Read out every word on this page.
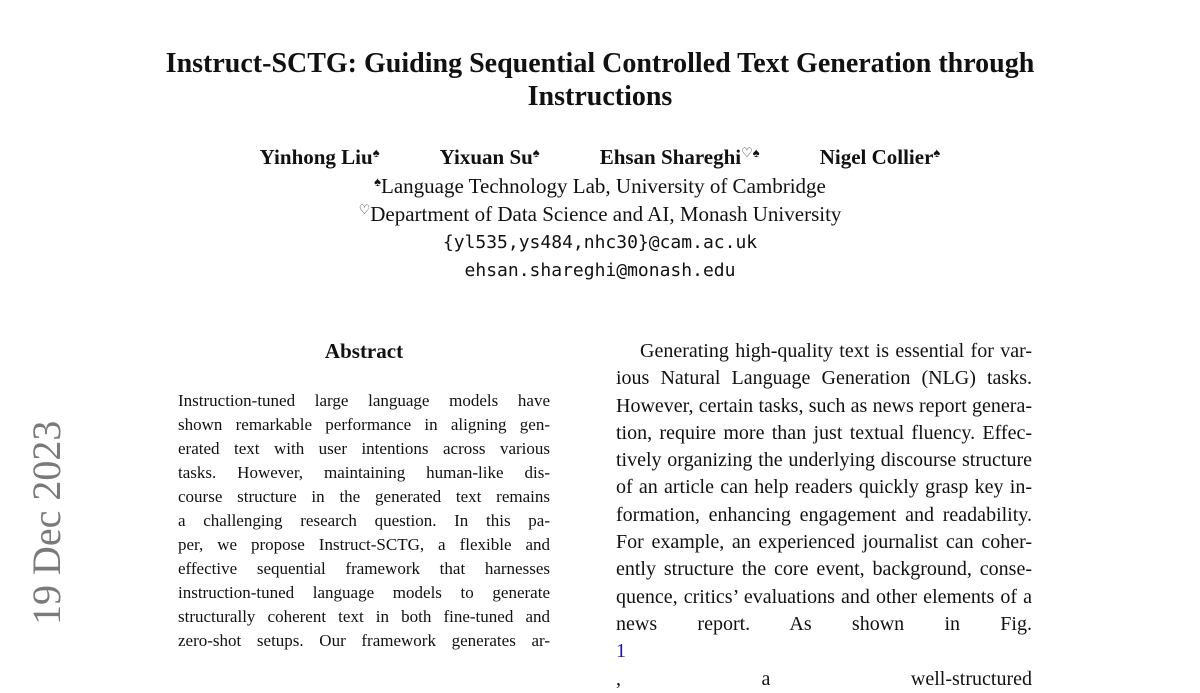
Instruct-SCTG: Guiding Sequential Controlled Text Generation through
Instructions
Yinhong Liu♠	Yixuan Su♠	Ehsan Shareghi♡♠	Nigel Collier♠
♠Language Technology Lab, University of Cambridge
♡Department of Data Science and AI, Monash University
{yl535,ys484,nhc30}@cam.ac.uk
ehsan.shareghi@monash.edu
19 Dec 2023
Abstract
Instruction-tuned large language models have
shown remarkable performance in aligning gen-
erated text with user intentions across various
tasks. However, maintaining human-like dis-
course structure in the generated text remains
a challenging research question. In this pa-
per, we propose Instruct-SCTG, a flexible and
effective sequential framework that harnesses
instruction-tuned language models to generate
structurally coherent text in both fine-tuned and
zero-shot setups. Our framework generates ar-
Generating high-quality text is essential for var-
ious Natural Language Generation (NLG) tasks.
However, certain tasks, such as news report genera-
tion, require more than just textual fluency. Effec-
tively organizing the underlying discourse structure
of an article can help readers quickly grasp key in-
formation, enhancing engagement and readability.
For example, an experienced journalist can coher-
ently structure the core event, background, conse-
quence, critics’ evaluations and other elements of a
news report. As shown in Fig.
1
, a well-structured
